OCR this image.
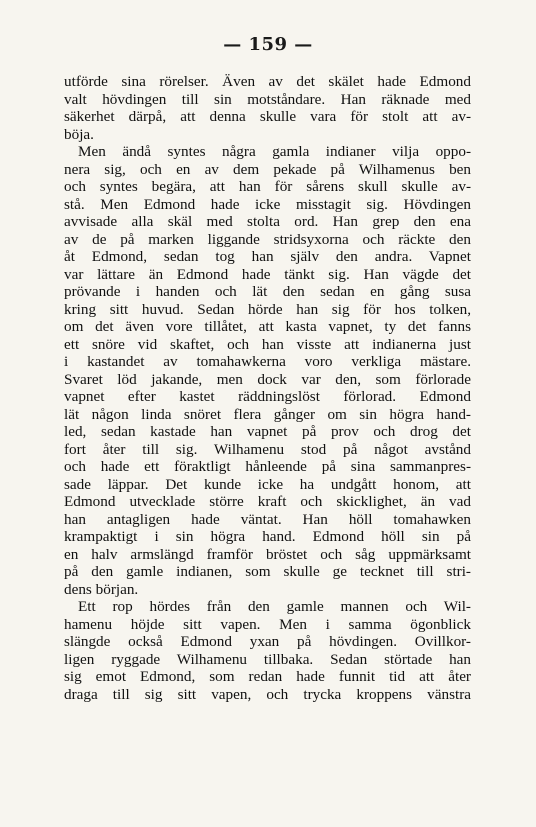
— 159 —
utförde sina rörelser. Även av det skälet hade Edmond
valt hövdingen till sin motståndare. Han räknade med
säkerhet därpå, att denna skulle vara för stolt att av-
böja.
Men ändå syntes några gamla indianer vilja oppo-
nera sig, och en av dem pekade på Wilhamenus ben
och syntes begära, att han för sårens skull skulle av-
stå. Men Edmond hade icke misstagit sig. Hövdingen
avvisade alla skäl med stolta ord. Han grep den ena
av de på marken liggande stridsyxorna och räckte den
åt Edmond, sedan tog han själv den andra. Vapnet
var lättare än Edmond hade tänkt sig. Han vägde det
prövande i handen och lät den sedan en gång susa
kring sitt huvud. Sedan hörde han sig för hos tolken,
om det även vore tillåtet, att kasta vapnet, ty det fanns
ett snöre vid skaftet, och han visste att indianerna just
i kastandet av tomahawkerna voro verkliga mästare.
Svaret löd jakande, men dock var den, som förlorade
vapnet efter kastet räddningslöst förlorad. Edmond
lät någon linda snöret flera gånger om sin högra hand-
led, sedan kastade han vapnet på prov och drog det
fort åter till sig. Wilhamenu stod på något avstånd
och hade ett föraktligt hånleende på sina sammanpres-
sade läppar. Det kunde icke ha undgått honom, att
Edmond utvecklade större kraft och skicklighet, än vad
han antagligen hade väntat. Han höll tomahawken
krampaktigt i sin högra hand. Edmond höll sin på
en halv armslängd framför bröstet och såg uppmärksamt
på den gamle indianen, som skulle ge tecknet till stri-
dens början.
Ett rop hördes från den gamle mannen och Wil-
hamenu höjde sitt vapen. Men i samma ögonblick
slängde också Edmond yxan på hövdingen. Ovillkor-
ligen ryggade Wilhamenu tillbaka. Sedan störtade han
sig emot Edmond, som redan hade funnit tid att åter
draga till sig sitt vapen, och trycka kroppens vänstra
